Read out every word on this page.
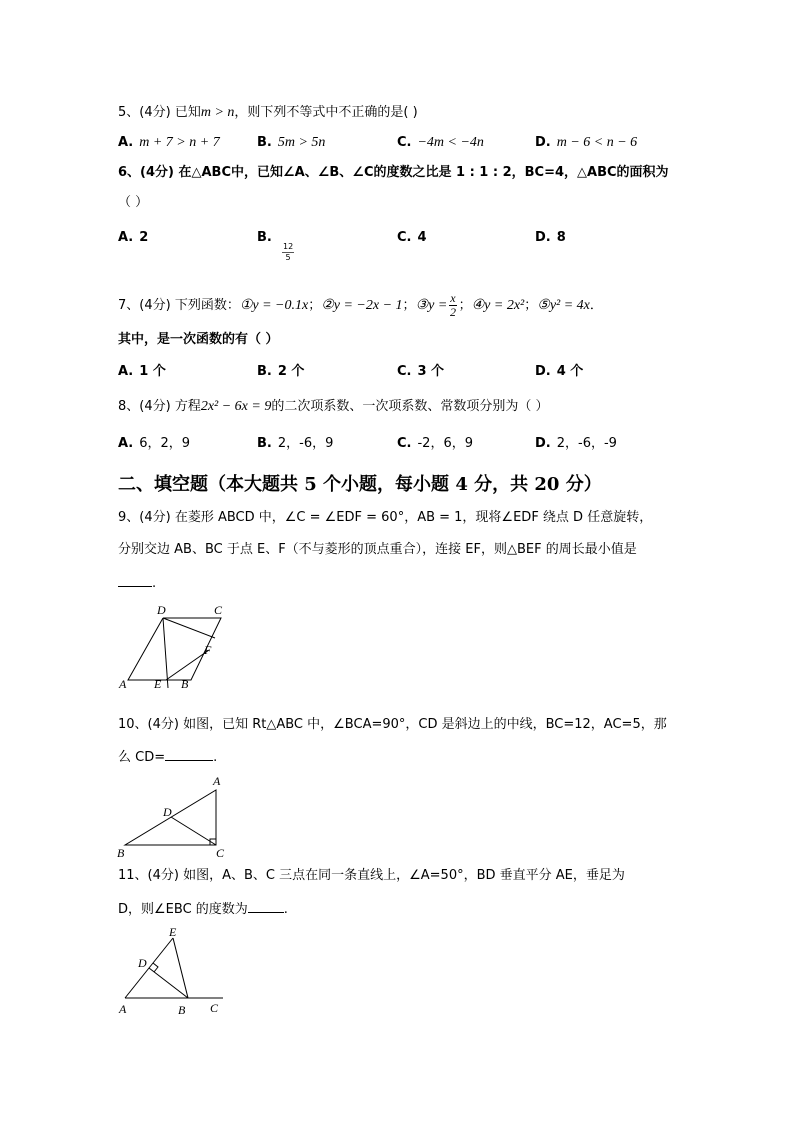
5、(4分) 已知m > n，则下列不等式中不正确的是( )
A. m + 7 > n + 7	B. 5m > 5n	C. −4m < −4n	D. m − 6 < n − 6
6、(4分) 在△ABC中，已知∠A、∠B、∠C的度数之比是 1 : 1 : 2，BC=4，△ABC的面积为
（ ）
A. 2	B.
12
5
C. 4	D. 8
7、(4分) 下列函数： ①y = −0.1x ； ②y = −2x − 1 ； ③y = $\frac{x}{2}$ ； ④y = 2x² ； ⑤y² = 4x ．
其中，是一次函数的有（ ）
A. 1 个	B. 2 个	C. 3 个	D. 4 个
8、(4分) 方程2x² − 6x = 9的二次项系数、一次项系数、常数项分别为（ ）
A. 6，2，9	B. 2，-6，9	C. -2，6，9	D. 2，-6，-9
二、填空题（本大题共 5 个小题，每小题 4 分，共 20 分）
9、(4分) 在菱形 ABCD 中，∠C = ∠EDF = 60°，AB = 1，现将∠EDF 绕点 D 任意旋转，
分别交边 AB、BC 于点 E、F（不与菱形的顶点重合），连接 EF，则△BEF 的周长最小值是
.
D	C
F
A E B
10、(4分) 如图，已知 Rt△ABC 中，∠BCA=90°，CD 是斜边上的中线，BC=12，AC=5，那
么 CD=	.
A
D
B	C
11、(4分) 如图，A、B、C 三点在同一条直线上，∠A=50°，BD 垂直平分 AE，垂足为
D，则∠EBC 的度数为	.
E
D
A	B C
